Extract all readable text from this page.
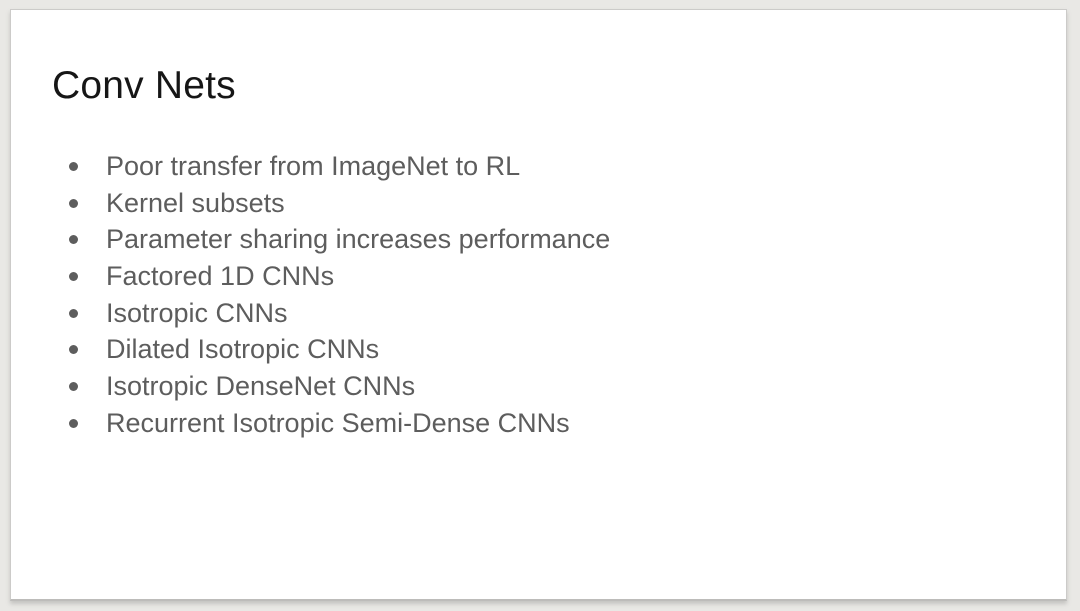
Conv Nets
Poor transfer from ImageNet to RL
Kernel subsets
Parameter sharing increases performance
Factored 1D CNNs
Isotropic CNNs
Dilated Isotropic CNNs
Isotropic DenseNet CNNs
Recurrent Isotropic Semi-Dense CNNs
